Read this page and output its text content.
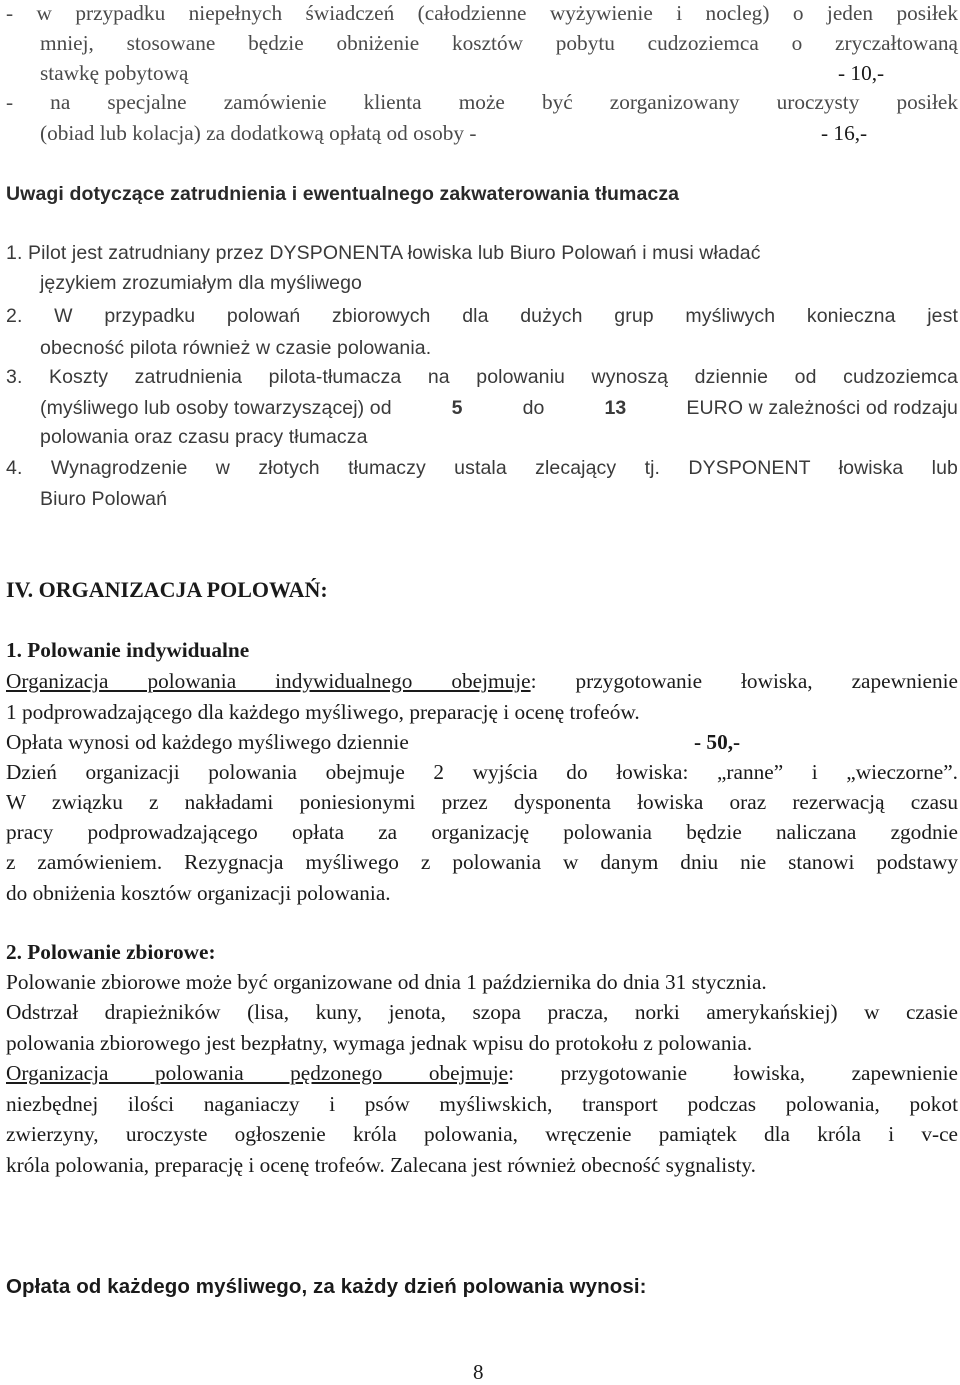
- w przypadku niepełnych świadczeń (całodzienne wyżywienie i nocleg) o jeden posiłek
mniej, stosowane będzie obniżenie kosztów pobytu cudzoziemca o zryczałtowaną
stawkę pobytową	- 10,-
- na specjalne zamówienie klienta może być zorganizowany uroczysty posiłek
(obiad lub kolacja) za dodatkową opłatą od osoby -	- 16,-
Uwagi dotyczące zatrudnienia i ewentualnego zakwaterowania tłumacza
1. Pilot jest zatrudniany przez DYSPONENTA łowiska lub Biuro Polowań i musi władać
językiem zrozumiałym dla myśliwego
2. W przypadku polowań zbiorowych dla dużych grup myśliwych konieczna jest
obecność pilota również w czasie polowania.
3. Koszty zatrudnienia pilota-tłumacza na polowaniu wynoszą dziennie od cudzoziemca
(myśliwego lub osoby towarzyszącej) od	5	do	13	EURO w zależności od rodzaju
polowania oraz czasu pracy tłumacza
4. Wynagrodzenie w złotych tłumaczy ustala zlecający tj. DYSPONENT łowiska lub
Biuro Polowań
IV. ORGANIZACJA POLOWAŃ:
1. Polowanie indywidualne
Organizacja polowania indywidualnego obejmuje: przygotowanie łowiska, zapewnienie
1 podprowadzającego dla każdego myśliwego, preparację i ocenę trofeów.
Opłata wynosi od każdego myśliwego dziennie	- 50,-
Dzień organizacji polowania obejmuje 2 wyjścia do łowiska: „ranne” i „wieczorne”.
W związku z nakładami poniesionymi przez dysponenta łowiska oraz rezerwacją czasu
pracy podprowadzającego opłata za organizację polowania będzie naliczana zgodnie
z zamówieniem. Rezygnacja myśliwego z polowania w danym dniu nie stanowi podstawy
do obniżenia kosztów organizacji polowania.
2. Polowanie zbiorowe:
Polowanie zbiorowe może być organizowane od dnia 1 października do dnia 31 stycznia.
Odstrzał drapieżników (lisa, kuny, jenota, szopa pracza, norki amerykańskiej) w czasie
polowania zbiorowego jest bezpłatny, wymaga jednak wpisu do protokołu z polowania.
Organizacja polowania pędzonego obejmuje: przygotowanie łowiska, zapewnienie
niezbędnej ilości naganiaczy i psów myśliwskich, transport podczas polowania, pokot
zwierzyny, uroczyste ogłoszenie króla polowania, wręczenie pamiątek dla króla i v-ce
króla polowania, preparację i ocenę trofeów. Zalecana jest również obecność sygnalisty.
Opłata od każdego myśliwego, za każdy dzień polowania wynosi:
8
